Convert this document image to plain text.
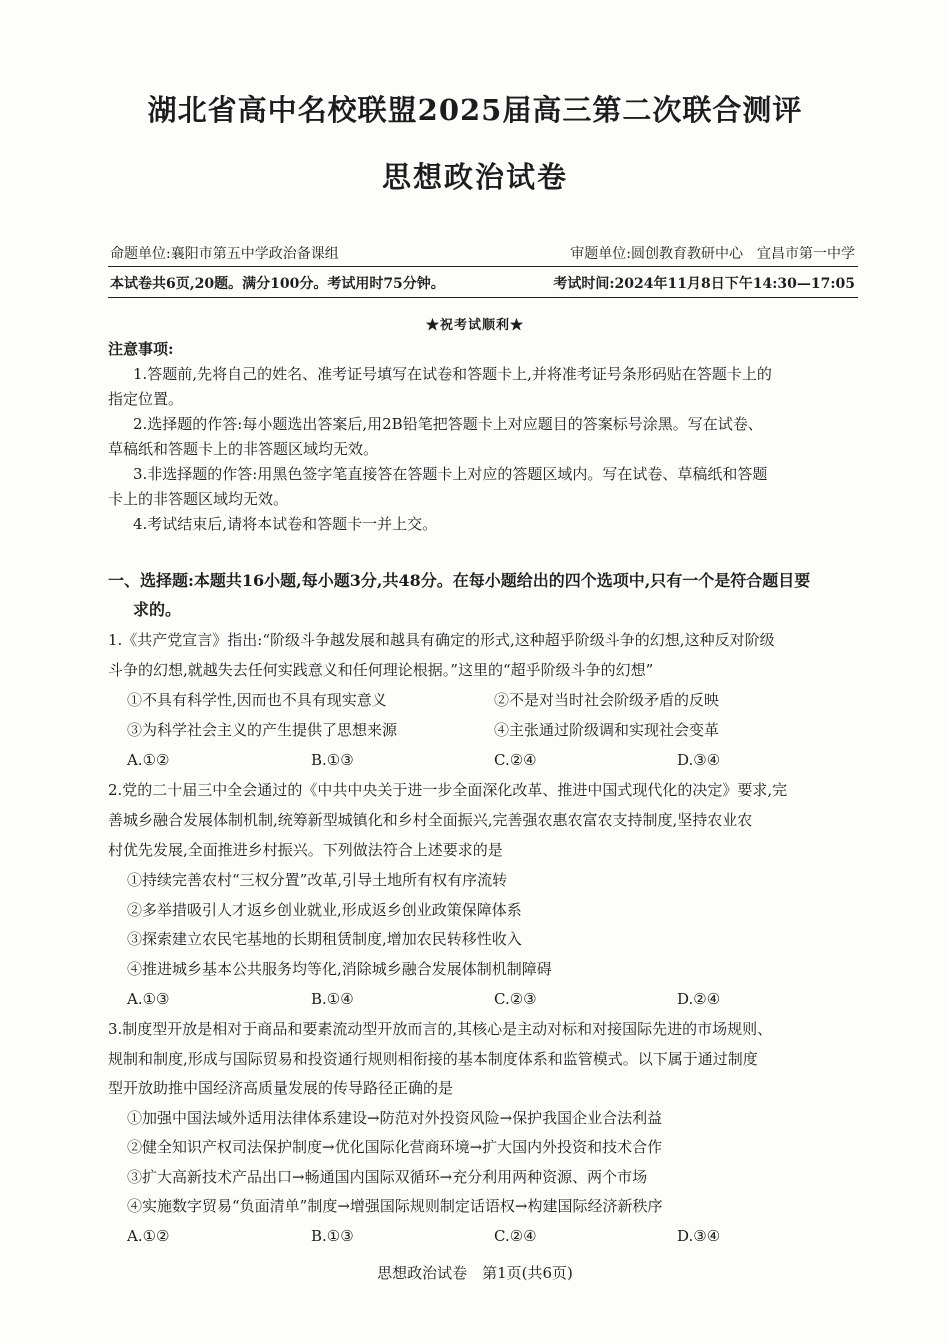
湖北省高中名校联盟2025届高三第二次联合测评
思想政治试卷
命题单位:襄阳市第五中学政治备课组	审题单位:圆创教育教研中心　宜昌市第一中学
本试卷共6页,20题。满分100分。考试用时75分钟。	考试时间:2024年11月8日下午14:30—17:05
★祝考试顺利★
注意事项:
1.答题前,先将自己的姓名、准考证号填写在试卷和答题卡上,并将准考证号条形码贴在答题卡上的
指定位置。
2.选择题的作答:每小题选出答案后,用2B铅笔把答题卡上对应题目的答案标号涂黑。写在试卷、
草稿纸和答题卡上的非答题区域均无效。
3.非选择题的作答:用黑色签字笔直接答在答题卡上对应的答题区域内。写在试卷、草稿纸和答题
卡上的非答题区域均无效。
4.考试结束后,请将本试卷和答题卡一并上交。
一、选择题:本题共16小题,每小题3分,共48分。在每小题给出的四个选项中,只有一个是符合题目要
求的。
1.《共产党宣言》指出:“阶级斗争越发展和越具有确定的形式,这种超乎阶级斗争的幻想,这种反对阶级
斗争的幻想,就越失去任何实践意义和任何理论根据。”这里的“超乎阶级斗争的幻想”
①不具有科学性,因而也不具有现实意义	②不是对当时社会阶级矛盾的反映
③为科学社会主义的产生提供了思想来源	④主张通过阶级调和实现社会变革
A.①②	B.①③	C.②④	D.③④
2.党的二十届三中全会通过的《中共中央关于进一步全面深化改革、推进中国式现代化的决定》要求,完
善城乡融合发展体制机制,统筹新型城镇化和乡村全面振兴,完善强农惠农富农支持制度,坚持农业农
村优先发展,全面推进乡村振兴。下列做法符合上述要求的是
①持续完善农村“三权分置”改革,引导土地所有权有序流转
②多举措吸引人才返乡创业就业,形成返乡创业政策保障体系
③探索建立农民宅基地的长期租赁制度,增加农民转移性收入
④推进城乡基本公共服务均等化,消除城乡融合发展体制机制障碍
A.①③	B.①④	C.②③	D.②④
3.制度型开放是相对于商品和要素流动型开放而言的,其核心是主动对标和对接国际先进的市场规则、
规制和制度,形成与国际贸易和投资通行规则相衔接的基本制度体系和监管模式。以下属于通过制度
型开放助推中国经济高质量发展的传导路径正确的是
①加强中国法域外适用法律体系建设→防范对外投资风险→保护我国企业合法利益
②健全知识产权司法保护制度→优化国际化营商环境→扩大国内外投资和技术合作
③扩大高新技术产品出口→畅通国内国际双循环→充分利用两种资源、两个市场
④实施数字贸易“负面清单”制度→增强国际规则制定话语权→构建国际经济新秩序
A.①②	B.①③	C.②④	D.③④
思想政治试卷　第1页(共6页)
